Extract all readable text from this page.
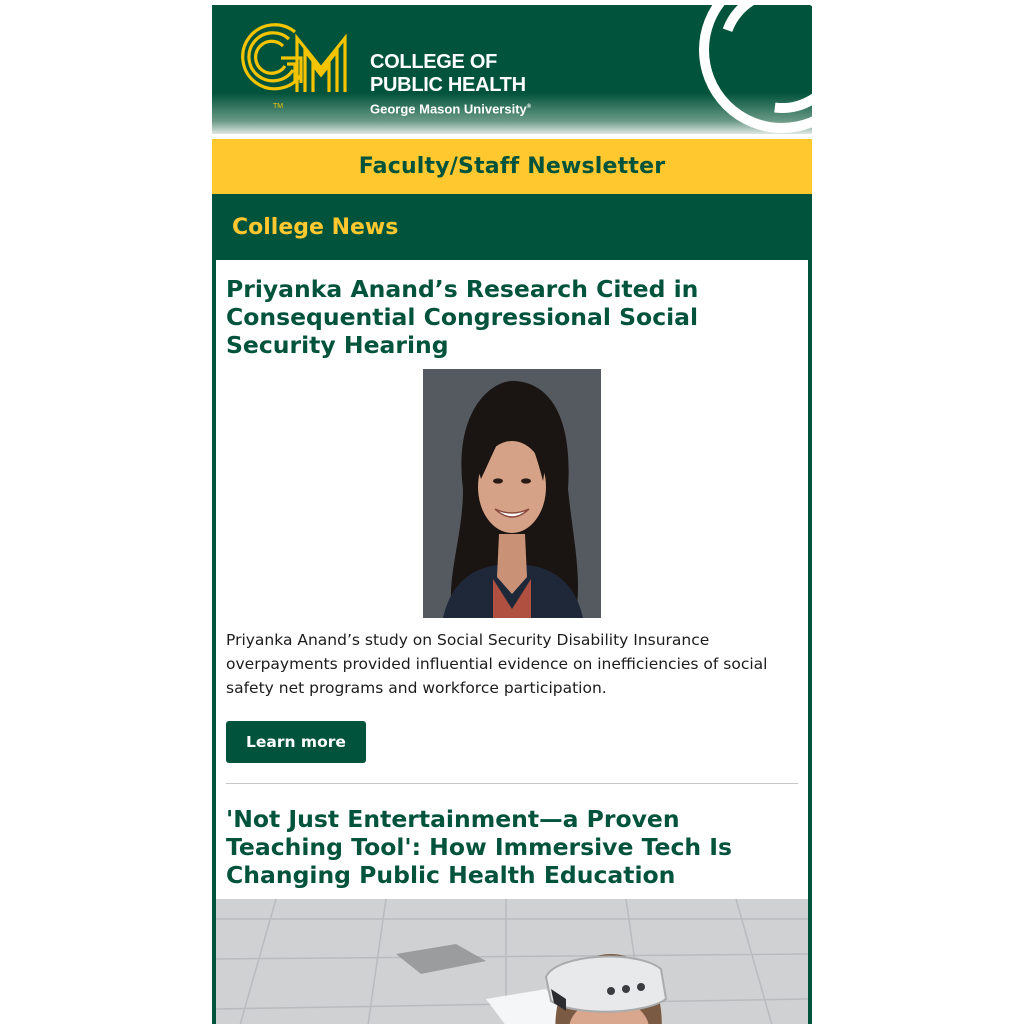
TM
COLLEGE OF
PUBLIC HEALTH
George Mason University®
Faculty/Staff Newsletter
College News
Priyanka Anand’s Research Cited in Consequential Congressional Social Security Hearing

Priyanka Anand’s study on Social Security Disability Insurance overpayments provided influential evidence on inefficiencies of social safety net programs and workforce participation.

Learn more
'Not Just Entertainment—a Proven Teaching Tool': How Immersive Tech Is Changing Public Health Education
